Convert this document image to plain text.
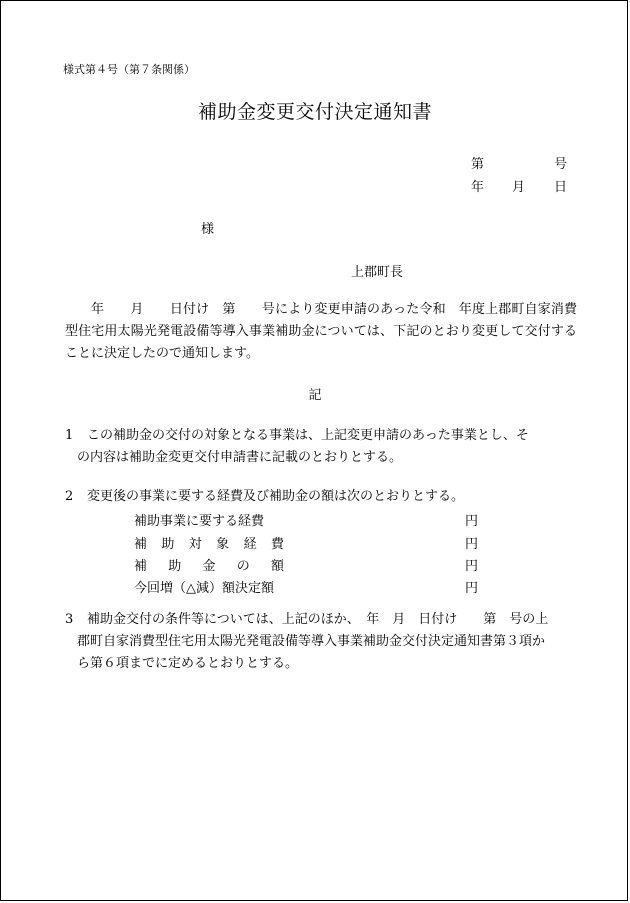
様式第４号（第７条関係）
補助金変更交付決定通知書
第	号
年 月 日
様
上郡町長
年　　月　　日付け　第　　号により変更申請のあった令和　年度上郡町自家消費型住宅用太陽光発電設備等導入事業補助金については、下記のとおり変更して交付することに決定したので通知します。
記
1 この補助金の交付の対象となる事業は、上記変更申請のあった事業とし、そ
の内容は補助金変更交付申請書に記載のとおりとする。
2 変更後の事業に要する経費及び補助金の額は次のとおりとする。
補助事業に要する経費	円
補 助 対 象 経 費	円
補 助 金 の 額	円
今回増（△減）額決定額	円
3 補助金交付の条件等については、上記のほか、　年　月　日付け　　第　号の上
郡町自家消費型住宅用太陽光発電設備等導入事業補助金交付決定通知書第３項か
ら第６項までに定めるとおりとする。
